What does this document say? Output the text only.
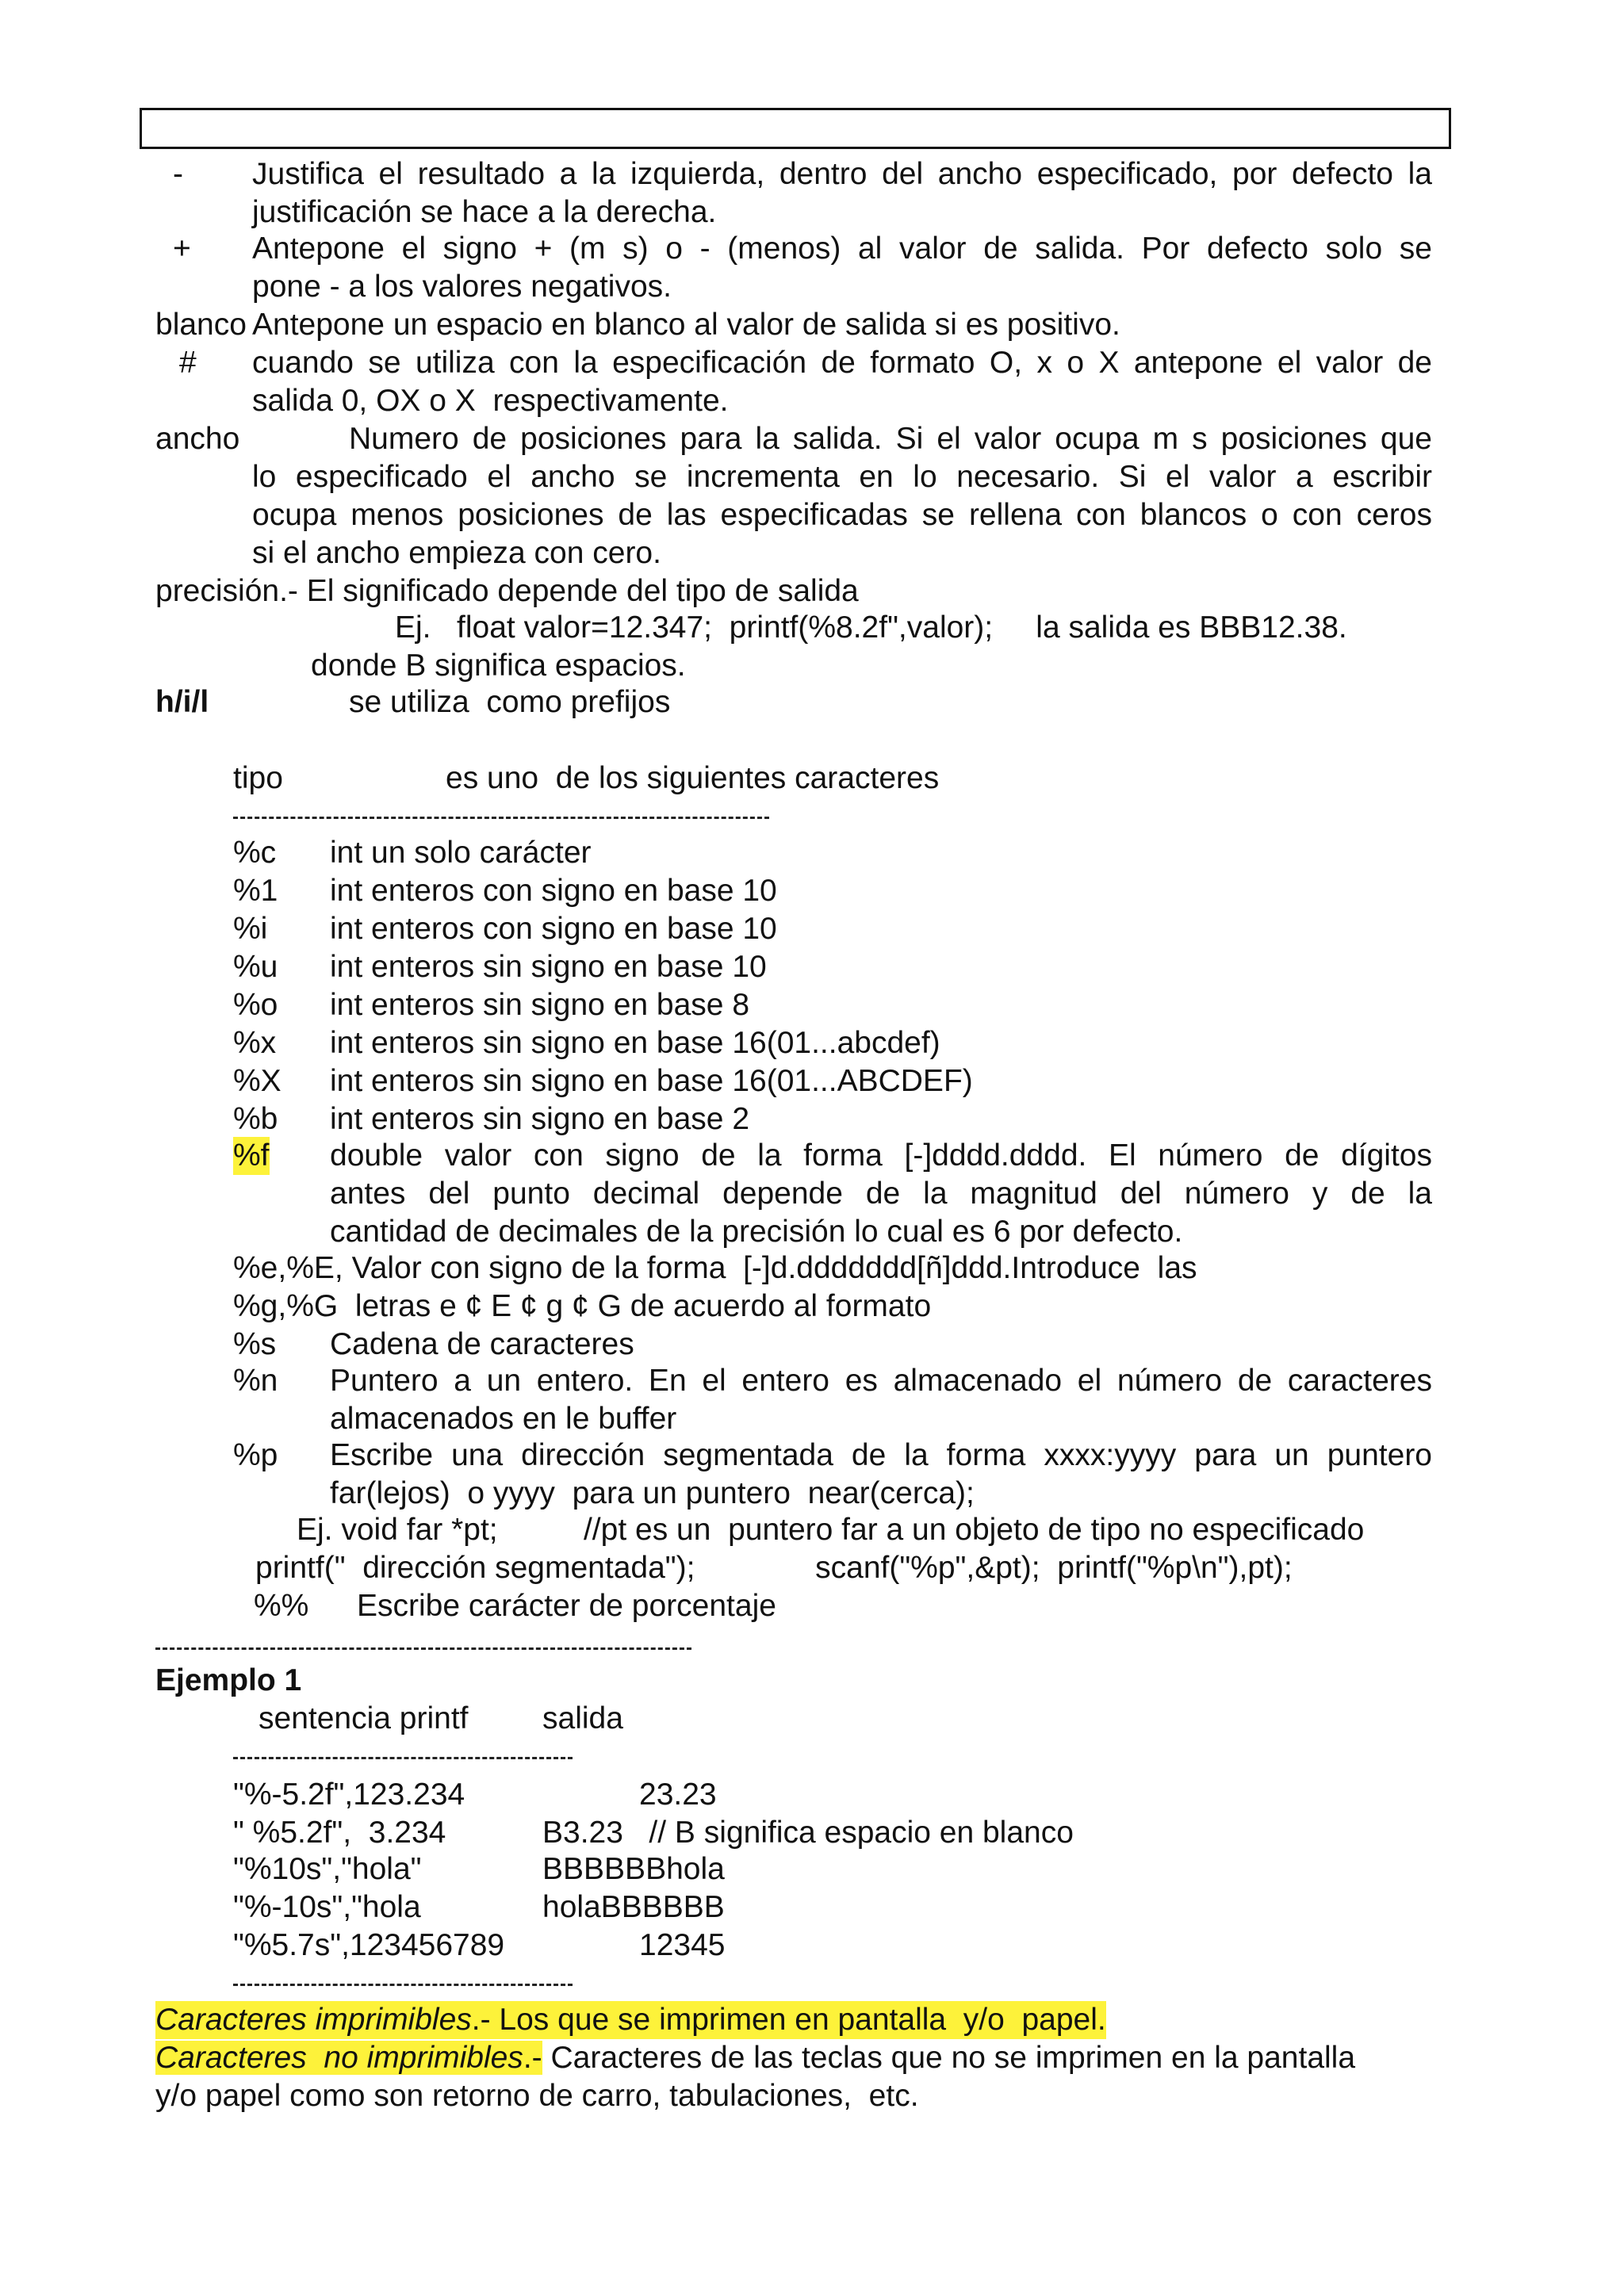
- Justifica el resultado a la izquierda, dentro del ancho especificado, por defecto la
justificación se hace a la derecha.
+ Antepone el signo + (m s) o - (menos) al valor de salida. Por defecto solo se
pone - a los valores negativos.
blanco Antepone un espacio en blanco al valor de salida si es positivo.
# cuando se utiliza con la especificación de formato O, x o X antepone el valor de
salida 0, OX o X  respectivamente.
ancho	Numero de posiciones para la salida. Si el valor ocupa m s posiciones que
lo especificado el ancho se incrementa en lo necesario. Si el valor a escribir
ocupa menos posiciones de las especificadas se rellena con blancos o con ceros
si el ancho empieza con cero.
precisión.- El significado depende del tipo de salida
Ej.   float valor=12.347;  printf(%8.2f",valor);     la salida es BBB12.38.
donde B significa espacios.
h/i/l	se utiliza  como prefijos
tipo	es uno  de los siguientes caracteres
%c int un solo carácter
%1 int enteros con signo en base 10
%i int enteros con signo en base 10
%u int enteros sin signo en base 10
%o int enteros sin signo en base 8
%x int enteros sin signo en base 16(01...abcdef)
%X int enteros sin signo en base 16(01...ABCDEF)
%b int enteros sin signo en base 2
%f double valor con signo de la forma [-]dddd.dddd. El número de dígitos
antes del punto decimal depende de la magnitud del número y de la
cantidad de decimales de la precisión lo cual es 6 por defecto.
%e,%E, Valor con signo de la forma  [-]d.ddddddd[ñ]ddd.Introduce  las
%g,%G  letras e ¢ E ¢ g ¢ G de acuerdo al formato
%s Cadena de caracteres
%n Puntero a un entero. En el entero es almacenado el número de caracteres
almacenados en le buffer
%p Escribe una dirección segmentada de la forma xxxx:yyyy para un puntero
far(lejos)  o yyyy  para un puntero  near(cerca);
Ej. void far *pt;          //pt es un  puntero far a un objeto de tipo no especificado
printf("  dirección segmentada");              scanf("%p",&pt);  printf("%p\n"),pt);
%% Escribe carácter de porcentaje
Ejemplo 1
sentencia printf salida
"%-5.2f",123.234	23.23
" %5.2f",  3.234	B3.23   // B significa espacio en blanco
"%10s","hola"	BBBBBBhola
"%-10s","hola	holaBBBBBB
"%5.7s",123456789	12345
Caracteres imprimibles.- Los que se imprimen en pantalla  y/o  papel.
Caracteres  no imprimibles.- Caracteres de las teclas que no se imprimen en la pantalla
y/o papel como son retorno de carro, tabulaciones,  etc.
